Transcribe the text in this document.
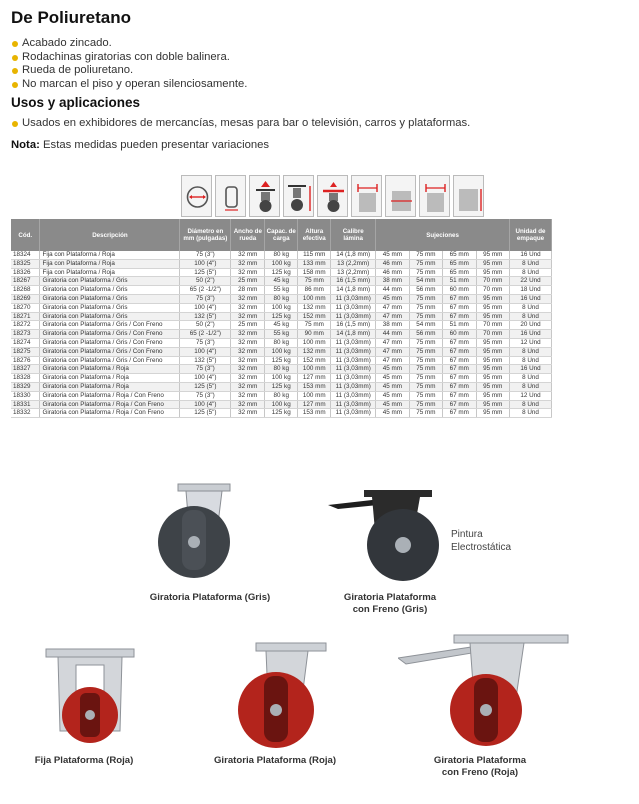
De Poliuretano
Acabado zincado.
Rodachinas giratorias con doble balinera.
Rueda de poliuretano.
No marcan el piso y operan silenciosamente.
Usos y aplicaciones
Usados en exhibidores de mercancías, mesas para bar o televisión, carros y plataformas.
Nota: Estas medidas pueden presentar variaciones
Cód.	Descripción	Diámetro en mm (pulgadas)	Ancho de rueda	Capac. de carga	Altura efectiva	Calibre lámina	Sujeciones				Unidad de empaque
18324	Fija con Plataforma / Roja	75 (3")	32 mm	80 kg	115 mm	14 (1,8 mm)	45 mm	75 mm	65 mm	95 mm	16 Und
18325	Fija con Plataforma / Roja	100 (4")	32 mm	100 kg	133 mm	13 (2,2mm)	46 mm	75 mm	65 mm	95 mm	8 Und
18326	Fija con Plataforma / Roja	125 (5")	32 mm	125 kg	158 mm	13 (2,2mm)	46 mm	75 mm	65 mm	95 mm	8 Und
18267	Giratoria con Plataforma / Gris	50 (2")	25 mm	45 kg	75 mm	16 (1,5 mm)	38 mm	54 mm	51 mm	70 mm	22 Und
18268	Giratoria con Plataforma / Gris	65 (2 -1/2")	28 mm	55 kg	86 mm	14 (1,8 mm)	44 mm	56 mm	60 mm	70 mm	18 Und
18269	Giratoria con Plataforma / Gris	75 (3")	32 mm	80 kg	100 mm	11 (3,03mm)	45 mm	75 mm	67 mm	95 mm	16 Und
18270	Giratoria con Plataforma / Gris	100 (4")	32 mm	100 kg	132 mm	11 (3,03mm)	47 mm	75 mm	67 mm	95 mm	8 Und
18271	Giratoria con Plataforma / Gris	132 (5")	32 mm	125 kg	152 mm	11 (3,03mm)	47 mm	75 mm	67 mm	95 mm	8 Und
18272	Giratoria con Plataforma / Gris / Con Freno	50 (2")	25 mm	45 kg	75 mm	16 (1,5 mm)	38 mm	54 mm	51 mm	70 mm	20 Und
18273	Giratoria con Plataforma / Gris / Con Freno	65 (2 -1/2")	32 mm	55 kg	90 mm	14 (1,8 mm)	44 mm	56 mm	60 mm	70 mm	16 Und
18274	Giratoria con Plataforma / Gris / Con Freno	75 (3")	32 mm	80 kg	100 mm	11 (3,03mm)	47 mm	75 mm	67 mm	95 mm	12 Und
18275	Giratoria con Plataforma / Gris / Con Freno	100 (4")	32 mm	100 kg	132 mm	11 (3,03mm)	47 mm	75 mm	67 mm	95 mm	8 Und
18276	Giratoria con Plataforma / Gris / Con Freno	132 (5")	32 mm	125 kg	152 mm	11 (3,03mm)	47 mm	75 mm	67 mm	95 mm	8 Und
18327	Giratoria con Plataforma / Roja	75 (3")	32 mm	80 kg	100 mm	11 (3,03mm)	45 mm	75 mm	67 mm	95 mm	16 Und
18328	Giratoria con Plataforma / Roja	100 (4")	32 mm	100 kg	127 mm	11 (3,03mm)	45 mm	75 mm	67 mm	95 mm	8 Und
18329	Giratoria con Plataforma / Roja	125 (5")	32 mm	125 kg	153 mm	11 (3,03mm)	45 mm	75 mm	67 mm	95 mm	8 Und
18330	Giratoria con Plataforma / Roja / Con Freno	75 (3")	32 mm	80 kg	100 mm	11 (3,03mm)	45 mm	75 mm	67 mm	95 mm	12 Und
18331	Giratoria con Plataforma / Roja / Con Freno	100 (4")	32 mm	100 kg	127 mm	11 (3,03mm)	45 mm	75 mm	67 mm	95 mm	8 Und
18332	Giratoria con Plataforma / Roja / Con Freno	125 (5")	32 mm	125 kg	153 mm	11 (3,03mm)	45 mm	75 mm	67 mm	95 mm	8 Und
Giratoria Plataforma (Gris)
Pintura
Electrostática
Giratoria Plataforma
con Freno (Gris)
Fija Plataforma (Roja)	Giratoria Plataforma (Roja)	Giratoria Plataforma
con Freno (Roja)
